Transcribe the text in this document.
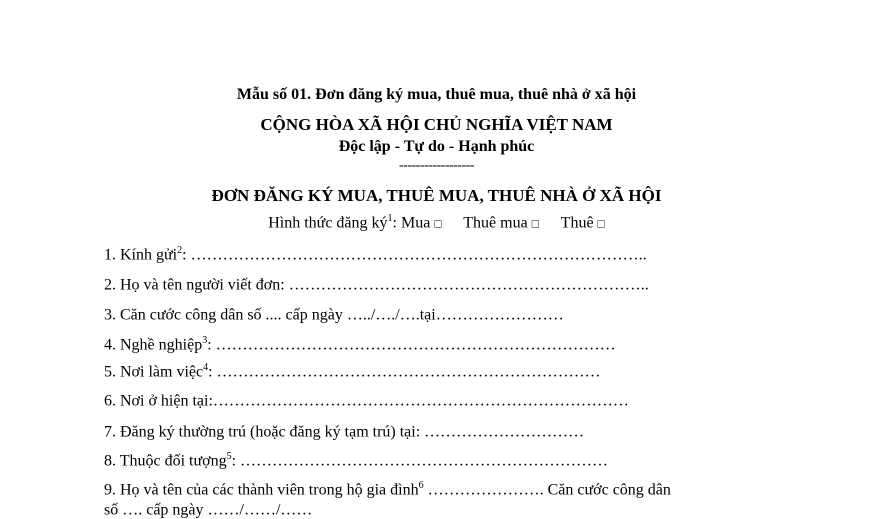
Mẫu số 01. Đơn đăng ký mua, thuê mua, thuê nhà ở xã hội
CỘNG HÒA XÃ HỘI CHỦ NGHĨA VIỆT NAM
Độc lập - Tự do - Hạnh phúc
------------------
ĐƠN ĐĂNG KÝ MUA, THUÊ MUA, THUÊ NHÀ Ở XÃ HỘI
Hình thức đăng $ký^1$: Mua □ Thuê mua □ Thuê □
1. Kính gửi$^2$: …………………………………………………………………………..
2. Họ và tên người viết đơn: …………………………………………………………..
3. Căn cước công dân số .... cấp ngày …../…./….tại……………………
4. Nghề nghiệp$^3$: …………………………………………………………………
5. Nơi làm việc$^4$: ………………………………………………………………
6. Nơi ở hiện tại:……………………………………………………………………
7. Đăng ký thường trú (hoặc đăng ký tạm trú) tại: …………………………
8. Thuộc đối tượng$^5$: ……………………………………………………………
9. Họ và tên của các thành viên trong hộ gia đình$^6$ …………………. Căn cước công dân
số …. cấp ngày ……/……/……
